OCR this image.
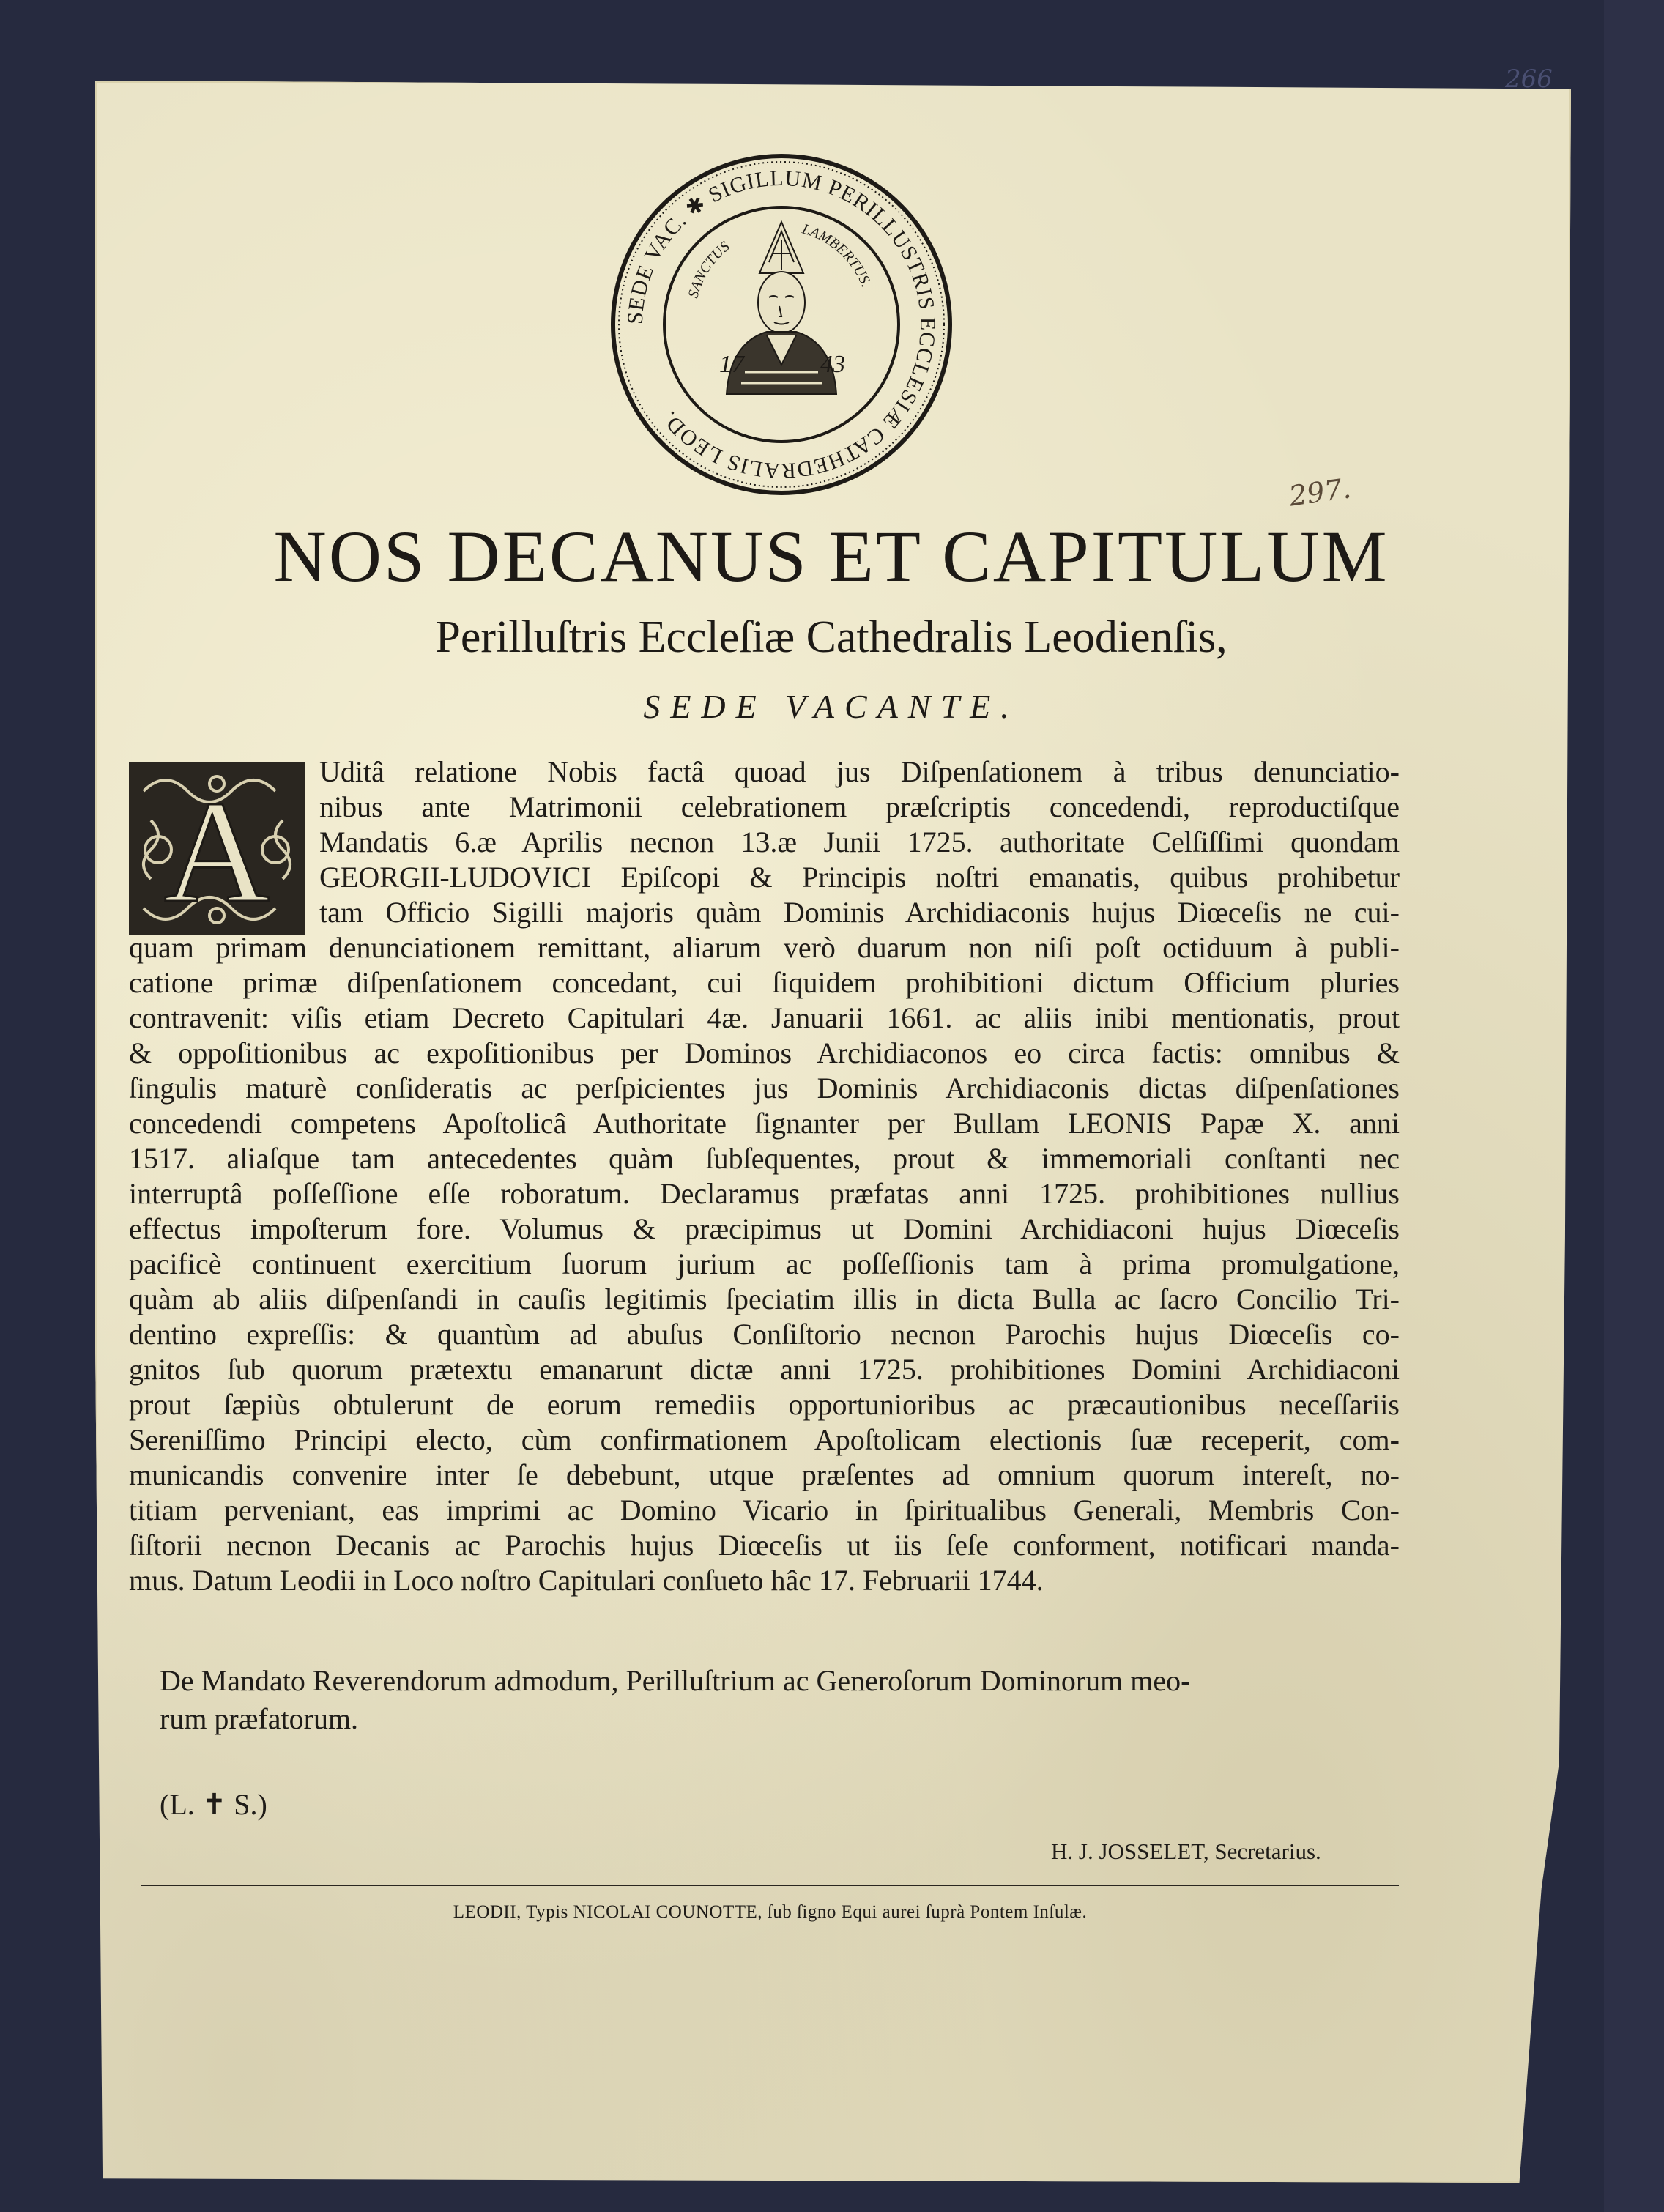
266
297.
SEDE VAC. ✱ SIGILLUM PERILLUSTRIS ECCLESIÆ CATHEDRALIS LEOD.
SANCTUS
LAMBERTUS.
17	43
NOS DECANUS ET CAPITULUM
Perilluſtris Eccleſiæ Cathedralis Leodienſis,
SEDE VACANTE.
A Uditâ relatione Nobis factâ quoad jus Diſpenſationem à tribus denunciatio-
nibus ante Matrimonii celebrationem præſcriptis concedendi, reproductiſque
Mandatis 6.æ Aprilis necnon 13.æ Junii 1725. authoritate Celſiſſimi quondam
GEORGII-LUDOVICI Epiſcopi & Principis noſtri emanatis, quibus prohibetur
tam Officio Sigilli majoris quàm Dominis Archidiaconis hujus Diœceſis ne cui-
quam primam denunciationem remittant, aliarum verò duarum non niſi poſt octiduum à publi-
catione primæ diſpenſationem concedant, cui ſiquidem prohibitioni dictum Officium pluries
contravenit: viſis etiam Decreto Capitulari 4æ. Januarii 1661. ac aliis inibi mentionatis, prout
& oppoſitionibus ac expoſitionibus per Dominos Archidiaconos eo circa factis: omnibus &
ſingulis maturè conſideratis ac perſpicientes jus Dominis Archidiaconis dictas diſpenſationes
concedendi competens Apoſtolicâ Authoritate ſignanter per Bullam LEONIS Papæ X. anni
1517. aliaſque tam antecedentes quàm ſubſequentes, prout & immemoriali conſtanti nec
interruptâ poſſeſſione eſſe roboratum. Declaramus præfatas anni 1725. prohibitiones nullius
effectus impoſterum fore. Volumus & præcipimus ut Domini Archidiaconi hujus Diœceſis
pacificè continuent exercitium ſuorum jurium ac poſſeſſionis tam à prima promulgatione,
quàm ab aliis diſpenſandi in cauſis legitimis ſpeciatim illis in dicta Bulla ac ſacro Concilio Tri-
dentino expreſſis: & quantùm ad abuſus Conſiſtorio necnon Parochis hujus Diœceſis co-
gnitos ſub quorum prætextu emanarunt dictæ anni 1725. prohibitiones Domini Archidiaconi
prout ſæpiùs obtulerunt de eorum remediis opportunioribus ac præcautionibus neceſſariis
Sereniſſimo Principi electo, cùm confirmationem Apoſtolicam electionis ſuæ receperit, com-
municandis convenire inter ſe debebunt, utque præſentes ad omnium quorum intereſt, no-
titiam perveniant, eas imprimi ac Domino Vicario in ſpiritualibus Generali, Membris Con-
ſiſtorii necnon Decanis ac Parochis hujus Diœceſis ut iis ſeſe conforment, notificari manda-
mus. Datum Leodii in Loco noſtro Capitulari conſueto hâc 17. Februarii 1744.
De Mandato Reverendorum admodum, Perilluſtrium ac Generoſorum Dominorum meo-
rum præfatorum.
(L. ✝ S.)
H. J. JOSSELET, Secretarius.
LEODII, Typis NICOLAI COUNOTTE, ſub ſigno Equi aurei ſuprà Pontem Inſulæ.
